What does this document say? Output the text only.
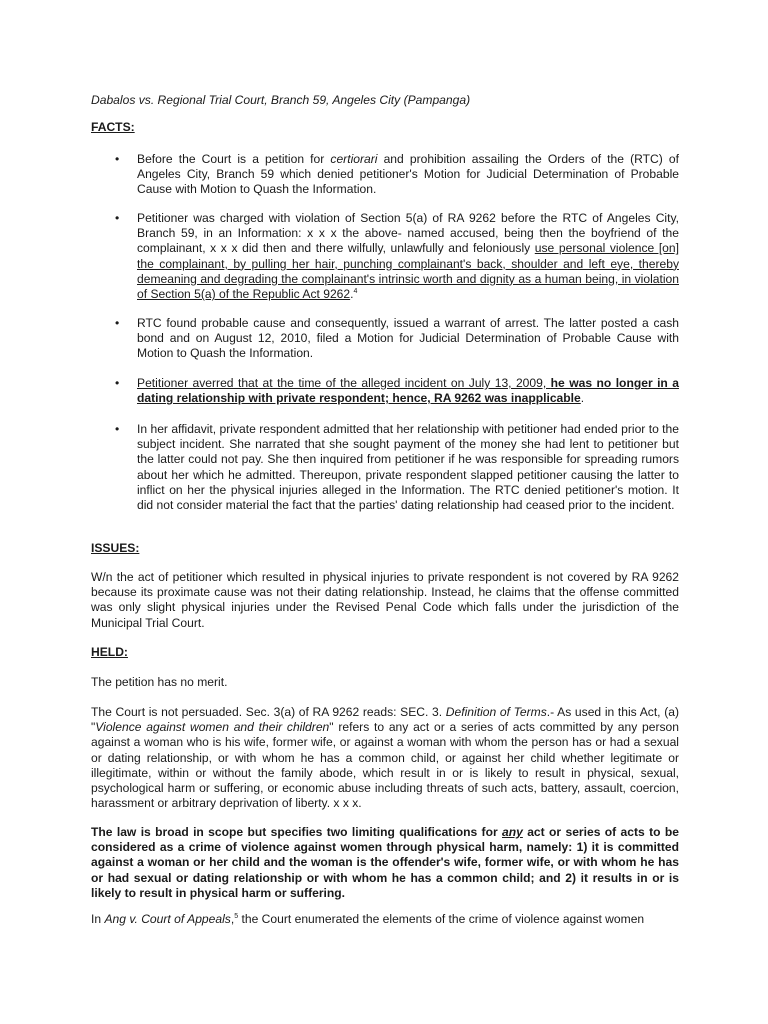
Dabalos vs. Regional Trial Court, Branch 59, Angeles City (Pampanga)
FACTS:
• Before the Court is a petition for certiorari and prohibition assailing the Orders of the (RTC) of Angeles City, Branch 59 which denied petitioner's Motion for Judicial Determination of Probable Cause with Motion to Quash the Information.
• Petitioner was charged with violation of Section 5(a) of RA 9262 before the RTC of Angeles City, Branch 59, in an Information: x x x the above- named accused, being then the boyfriend of the complainant, x x x did then and there wilfully, unlawfully and feloniously use personal violence [on] the complainant, by pulling her hair, punching complainant's back, shoulder and left eye, thereby demeaning and degrading the complainant's intrinsic worth and dignity as a human being, in violation of Section 5(a) of the Republic Act 9262.$^4$
• RTC found probable cause and consequently, issued a warrant of arrest. The latter posted a cash bond and on August 12, 2010, filed a Motion for Judicial Determination of Probable Cause with Motion to Quash the Information.
• Petitioner averred that at the time of the alleged incident on July 13, 2009, he was no longer in a dating relationship with private respondent; hence, RA 9262 was inapplicable.
• In her affidavit, private respondent admitted that her relationship with petitioner had ended prior to the subject incident. She narrated that she sought payment of the money she had lent to petitioner but the latter could not pay. She then inquired from petitioner if he was responsible for spreading rumors about her which he admitted. Thereupon, private respondent slapped petitioner causing the latter to inflict on her the physical injuries alleged in the Information. The RTC denied petitioner's motion. It did not consider material the fact that the parties' dating relationship had ceased prior to the incident.
ISSUES:

W/n the act of petitioner which resulted in physical injuries to private respondent is not covered by RA 9262 because its proximate cause was not their dating relationship. Instead, he claims that the offense committed was only slight physical injuries under the Revised Penal Code which falls under the jurisdiction of the Municipal Trial Court.

HELD:

The petition has no merit.

The Court is not persuaded. Sec. 3(a) of RA 9262 reads: SEC. 3. Definition of Terms.- As used in this Act, (a) "Violence against women and their children" refers to any act or a series of acts committed by any person against a woman who is his wife, former wife, or against a woman with whom the person has or had a sexual or dating relationship, or with whom he has a common child, or against her child whether legitimate or illegitimate, within or without the family abode, which result in or is likely to result in physical, sexual, psychological harm or suffering, or economic abuse including threats of such acts, battery, assault, coercion, harassment or arbitrary deprivation of liberty. x x x.

The law is broad in scope but specifies two limiting qualifications for any act or series of acts to be considered as a crime of violence against women through physical harm, namely: 1) it is committed against a woman or her child and the woman is the offender's wife, former wife, or with whom he has or had sexual or dating relationship or with whom he has a common child; and 2) it results in or is likely to result in physical harm or suffering.

In Ang v. Court of Appeals,$^5$ the Court enumerated the elements of the crime of violence against women
